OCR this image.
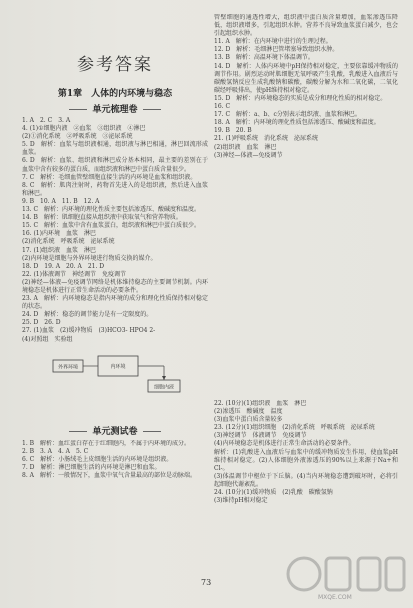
参考答案
第1章　人体的内环境与稳态
单元梳理卷
1. A　2. C　3. A
4. (1)①细胞内液　②血浆　③组织液　④淋巴
(2)①消化系统　②呼吸系统　③泌尿系统
5. D　解析：血浆与组织液相通，组织液与淋巴相通，淋巴回流形成血浆。
6. D　解析：血浆、组织液和淋巴成分基本相同，最主要的差别在于血浆中含有较多的蛋白质，而组织液和淋巴中蛋白质含量很少。
7. C　解析：毛细血管壁细胞直接生活的内环境是血浆和组织液。
8. C　解析：肌肉注射时，药物首先进入的是组织液，然后进入血浆和淋巴。
9. B　10. A　11. B　12. A
13. C　解析：内环境的理化性质主要包括渗透压、酸碱度和温度。
14. B　解析：肌细胞直接从组织液中获取氧气和营养物质。
15. C　解析：血浆中含有血浆蛋白，组织液和淋巴中蛋白质很少。
16. (1)内环境　血浆　淋巴
(2)消化系统　呼吸系统　泌尿系统
17. (1)组织液　血浆　淋巴
(2)内环境是细胞与外界环境进行物质交换的媒介。
18. D　19. A　20. A　21. D
22. (1)体液调节　神经调节　免疫调节
(2)神经—体液—免疫调节网络是机体维持稳态的主要调节机制。内环境稳态是机体进行正常生命活动的必要条件。
23. A　解析：内环境稳态是指内环境的成分和理化性质保持相对稳定的状态。
24. D　解析：稳态的调节能力是有一定限度的。
25. D　26. D
27. (1)血浆　(2)缓冲物质　(3)HCO3- HPO4 2-
(4)对照组　实验组
单元测试卷
1. B　解析：血红蛋白存在于红细胞内，不属于内环境的成分。
2. B　3. A　4. A　5. C
6. C　解析：小肠绒毛上皮细胞生活的内环境是组织液。
7. D　解析：淋巴细胞生活的内环境是淋巴和血浆。
8. A　解析：一般情况下，血浆中氧气含量最高的部位是动脉端。
管壁细胞的通透性增大，组织液中蛋白质含量增加，血浆渗透压降低，组织液增多，引起组织水肿。营养不良导致血浆蛋白减少，也会引起组织水肿。
11. A　解析：在内环境中进行的生理过程。
12. D　解析：毛细淋巴管堵塞导致组织水肿。
13. B　解析：高温环境下体温调节。
14. D　解析：人体内环境中pH保持相对稳定，主要依靠缓冲物质的调节作用。剧烈运动时肌细胞无氧呼吸产生乳酸，乳酸进入血液后与碳酸氢钠反应生成乳酸钠和碳酸，碳酸分解为水和二氧化碳，二氧化碳经呼吸排出，使pH维持相对稳定。
15. D　解析：内环境稳态的实质是成分和理化性质的相对稳定。
16. C
17. C　解析：a、b、c分别表示组织液、血浆和淋巴。
18. A　解析：内环境的理化性质包括渗透压、酸碱度和温度。
19. B　20. B
21. (1)呼吸系统　消化系统　泌尿系统
(2)组织液　血浆　淋巴
(3)神经—体液—免疫调节
22. (10分)(1)组织液　血浆　淋巴
(2)渗透压　酸碱度　温度
(3)血浆中蛋白质含量较多
23. (12分)(1)组织细胞　(2)消化系统　呼吸系统　泌尿系统
(3)神经调节　体液调节　免疫调节
(4)内环境稳态是机体进行正常生命活动的必要条件。
解析：(1)乳酸进入血液后与血浆中的缓冲物质发生作用，使血浆pH维持相对稳定。(2)人体细胞外液渗透压的90%以上来源于Na+和Cl-。
(3)体温调节中枢位于下丘脑。(4)当内环境稳态遭到破坏时，必将引起细胞代谢紊乱。
24. (10分)(1)缓冲物质　(2)乳酸　碳酸氢钠
(3)维持pH相对稳定
外界环境	内环境
细胞内液
73
MXQE.COM
